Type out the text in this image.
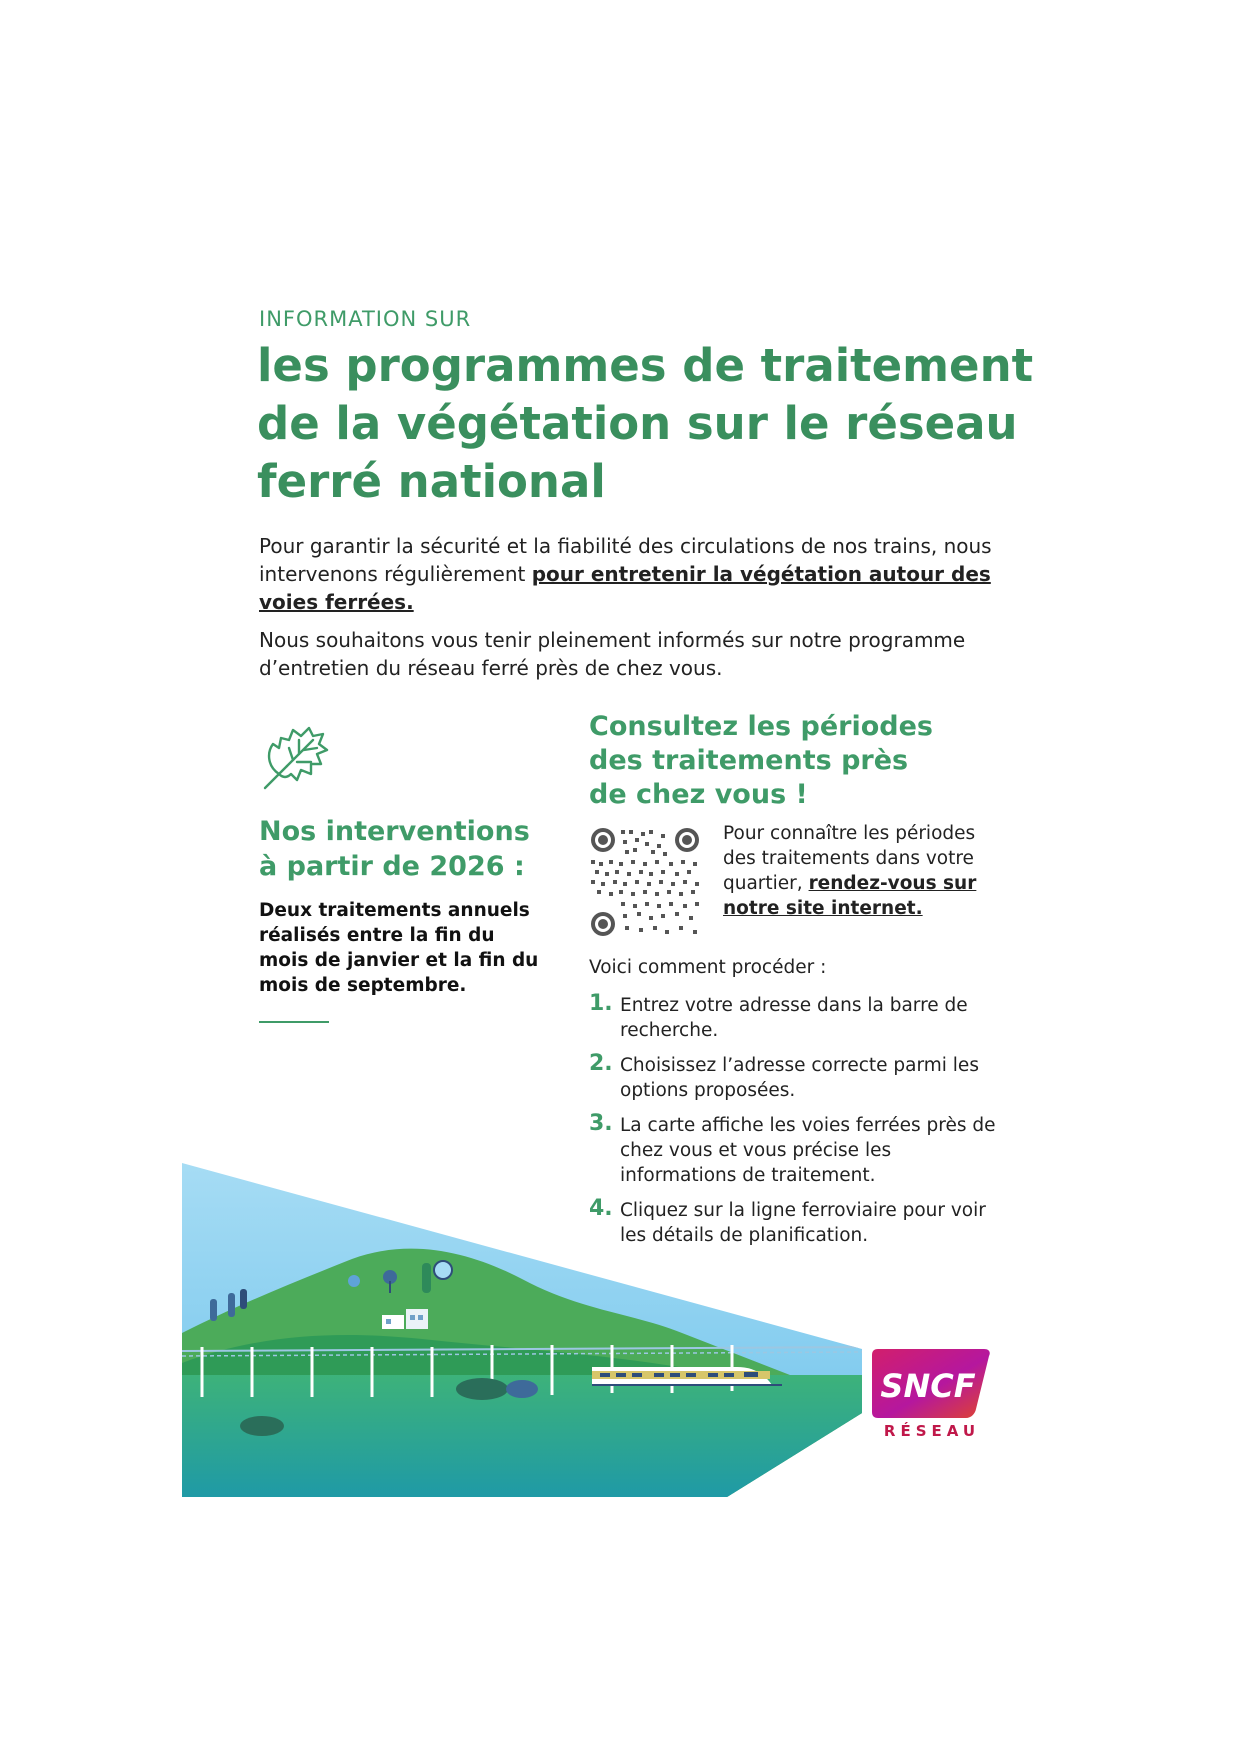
INFORMATION SUR
les programmes de traitement
de la végétation sur le réseau
ferré national

Pour garantir la sécurité et la fiabilité des circulations de nos trains, nous intervenons régulièrement pour entretenir la végétation autour des voies ferrées.

Nous souhaitons vous tenir pleinement informés sur notre programme d’entretien du réseau ferré près de chez vous.

Nos interventions
à partir de 2026 :
Deux traitements annuels réalisés entre la fin du mois de janvier et la fin du mois de septembre.
Consultez les périodes
des traitements près
de chez vous !
Pour connaître les périodes des traitements dans votre quartier, rendez-vous sur notre site internet.
Voici comment procéder :
1. Entrez votre adresse dans la barre de recherche.
2. Choisissez l’adresse correcte parmi les options proposées.
3. La carte affiche les voies ferrées près de chez vous et vous précise les informations de traitement.
4. Cliquez sur la ligne ferroviaire pour voir les détails de planification.
SNCF
RÉSEAU
